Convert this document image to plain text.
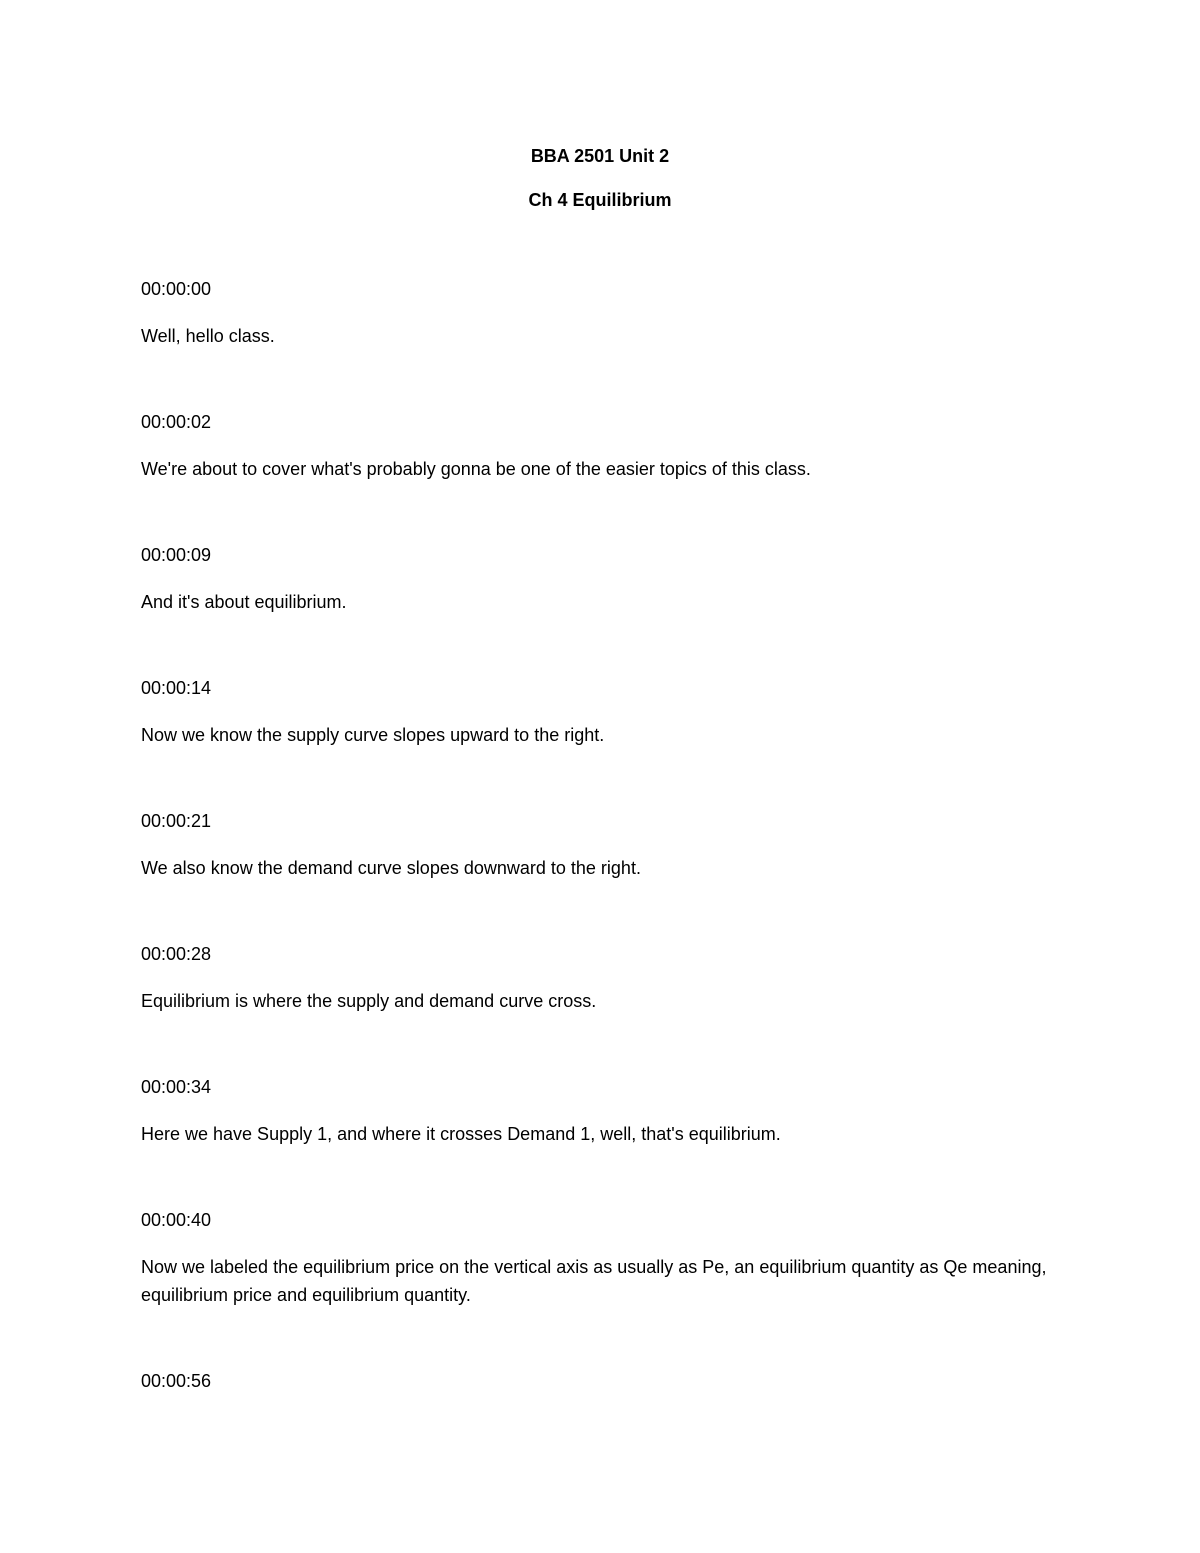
BBA 2501 Unit 2
Ch 4 Equilibrium
00:00:00
Well, hello class.
00:00:02
We're about to cover what's probably gonna be one of the easier topics of this class.
00:00:09
And it's about equilibrium.
00:00:14
Now we know the supply curve slopes upward to the right.
00:00:21
We also know the demand curve slopes downward to the right.
00:00:28
Equilibrium is where the supply and demand curve cross.
00:00:34
Here we have Supply 1, and where it crosses Demand 1, well, that's equilibrium.
00:00:40
Now we labeled the equilibrium price on the vertical axis as usually as Pe, an equilibrium quantity as Qe meaning, equilibrium price and equilibrium quantity.
00:00:56
